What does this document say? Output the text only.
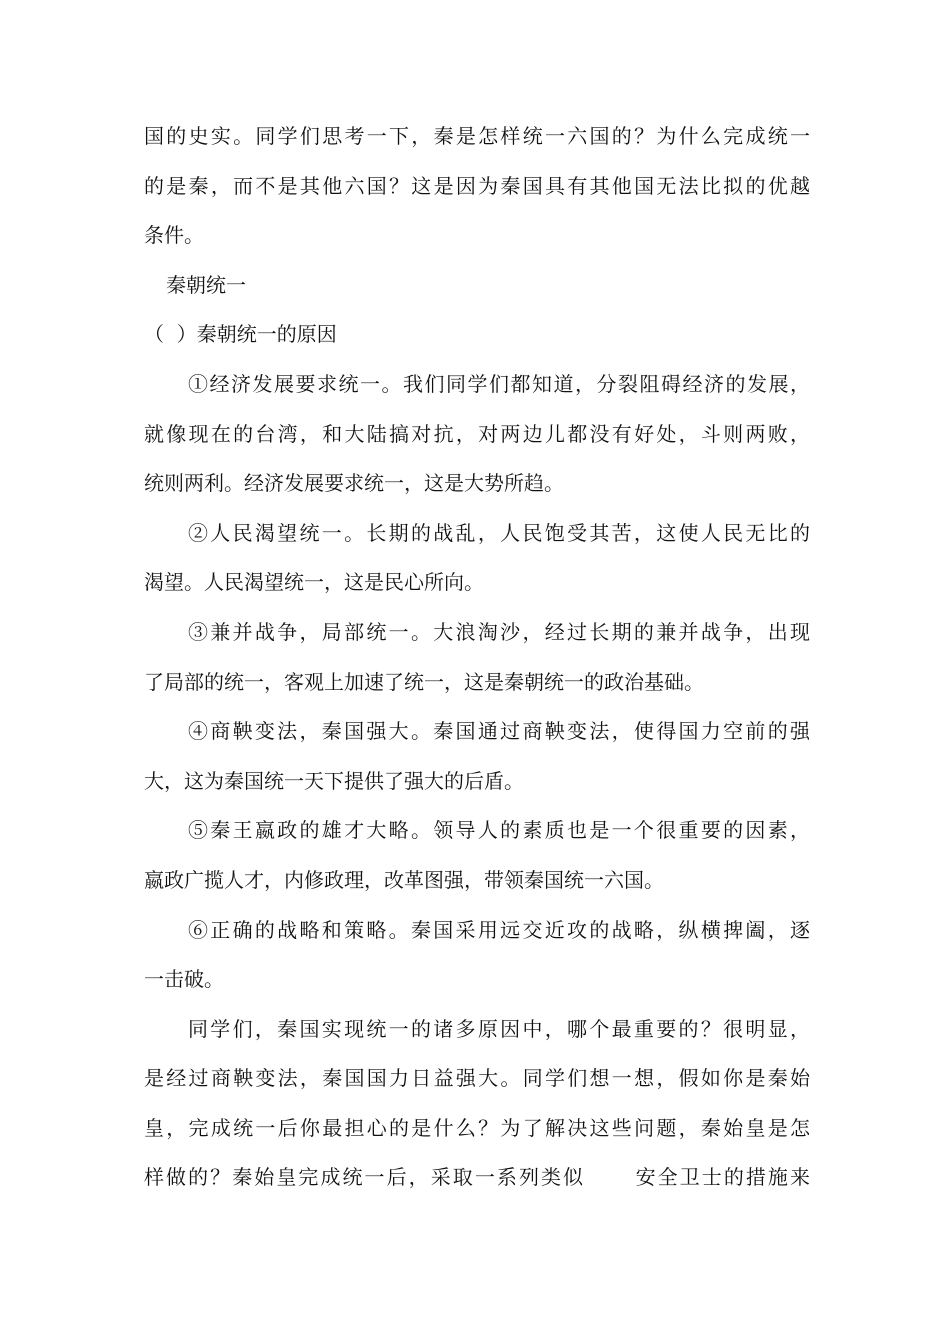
国的史实。同学们思考一下，秦是怎样统一六国的？为什么完成统一
的是秦，而不是其他六国？这是因为秦国具有其他国无法比拟的优越
条件。
秦朝统一
（  ）秦朝统一的原因
①经济发展要求统一。我们同学们都知道，分裂阻碍经济的发展，
就像现在的台湾，和大陆搞对抗，对两边儿都没有好处，斗则两败，
统则两利。经济发展要求统一，这是大势所趋。
②人民渴望统一。长期的战乱，人民饱受其苦，这使人民无比的
渴望。人民渴望统一，这是民心所向。
③兼并战争，局部统一。大浪淘沙，经过长期的兼并战争，出现
了局部的统一，客观上加速了统一，这是秦朝统一的政治基础。
④商鞅变法，秦国强大。秦国通过商鞅变法，使得国力空前的强
大，这为秦国统一天下提供了强大的后盾。
⑤秦王嬴政的雄才大略。领导人的素质也是一个很重要的因素，
嬴政广揽人才，内修政理，改革图强，带领秦国统一六国。
⑥正确的战略和策略。秦国采用远交近攻的战略，纵横捭阖，逐
一击破。
同学们，秦国实现统一的诸多原因中，哪个最重要的？很明显，
是经过商鞅变法，秦国国力日益强大。同学们想一想，假如你是秦始
皇，完成统一后你最担心的是什么？为了解决这些问题，秦始皇是怎
样做的？秦始皇完成统一后，采取一系列类似      安全卫士的措施来
